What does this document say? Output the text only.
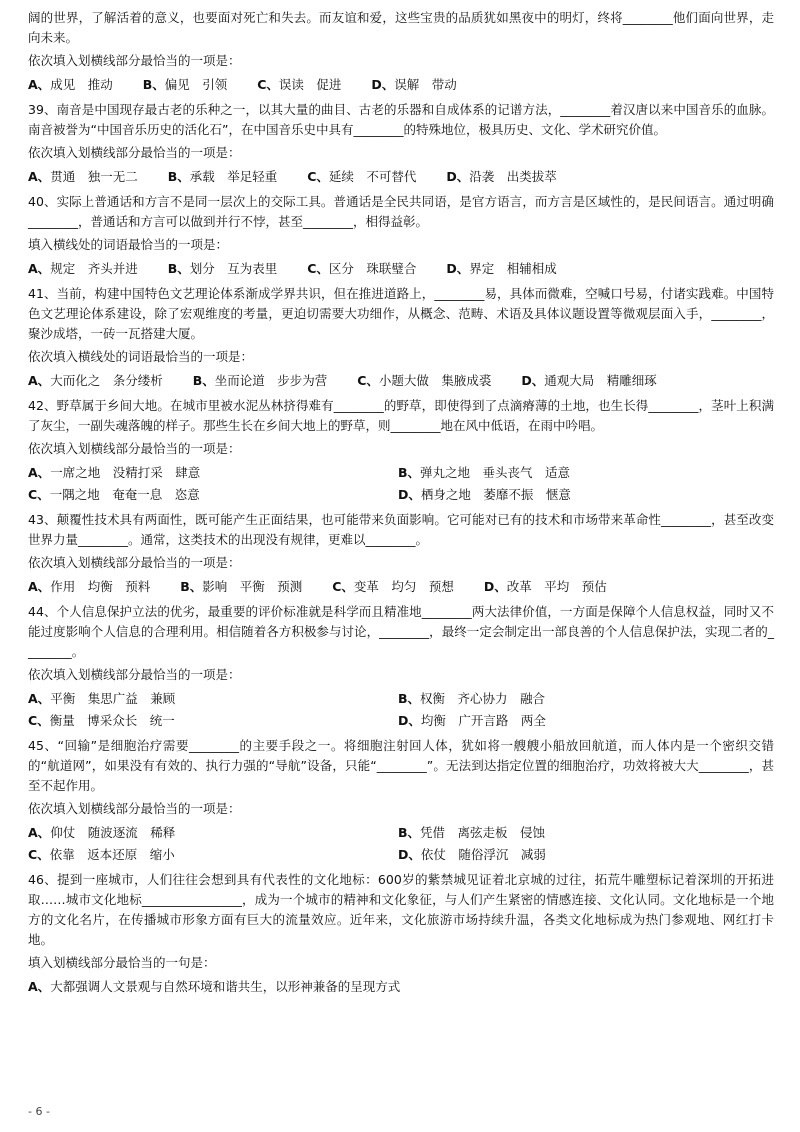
阔的世界，了解活着的意义，也要面对死亡和失去。而友谊和爱，这些宝贵的品质犹如黑夜中的明灯，终将________他们面向世界，走向未来。

依次填入划横线部分最恰当的一项是：

A、成见　推动 B、偏见　引领 C、误读　促进 D、误解　带动

39、南音是中国现存最古老的乐种之一，以其大量的曲目、古老的乐器和自成体系的记谱方法，________着汉唐以来中国音乐的血脉。南音被誉为“中国音乐历史的活化石”，在中国音乐史中具有________的特殊地位，极具历史、文化、学术研究价值。

依次填入划横线部分最恰当的一项是：

A、贯通　独一无二 B、承载　举足轻重 C、延续　不可替代 D、沿袭　出类拔萃

40、实际上普通话和方言不是同一层次上的交际工具。普通话是全民共同语，是官方语言，而方言是区域性的，是民间语言。通过明确________，普通话和方言可以做到并行不悖，甚至________，相得益彰。

填入横线处的词语最恰当的一项是：

A、规定　齐头并进 B、划分　互为表里 C、区分　珠联璧合 D、界定　相辅相成

41、当前，构建中国特色文艺理论体系渐成学界共识，但在推进道路上，________易，具体而微难，空喊口号易，付诸实践难。中国特色文艺理论体系建设，除了宏观维度的考量，更迫切需要大功细作，从概念、范畴、术语及具体议题设置等微观层面入手，________，聚沙成塔，一砖一瓦搭建大厦。

依次填入横线处的词语最恰当的一项是：

A、大而化之　条分缕析 B、坐而论道　步步为营 C、小题大做　集腋成裘 D、通观大局　精雕细琢

42、野草属于乡间大地。在城市里被水泥丛林挤得难有________的野草，即使得到了点滴瘠薄的土地，也生长得________，茎叶上积满了灰尘，一副失魂落魄的样子。那些生长在乡间大地上的野草，则________地在风中低语，在雨中吟唱。

依次填入划横线部分最恰当的一项是：

A、一席之地　没精打采　肆意	B、弹丸之地　垂头丧气　适意
C、一隅之地　奄奄一息　恣意	D、栖身之地　萎靡不振　惬意

43、颠覆性技术具有两面性，既可能产生正面结果，也可能带来负面影响。它可能对已有的技术和市场带来革命性________，甚至改变世界力量________。通常，这类技术的出现没有规律，更难以________。

依次填入划横线部分最恰当的一项是：

A、作用　均衡　预料 B、影响　平衡　预测 C、变革　均匀　预想 D、改革　平均　预估

44、个人信息保护立法的优劣，最重要的评价标准就是科学而且精准地________两大法律价值，一方面是保障个人信息权益，同时又不能过度影响个人信息的合理利用。相信随着各方积极参与讨论，________，最终一定会制定出一部良善的个人信息保护法，实现二者的________。

依次填入划横线部分最恰当的一项是：

A、平衡　集思广益　兼顾	B、权衡　齐心协力　融合
C、衡量　博采众长　统一	D、均衡　广开言路　两全

45、“回输”是细胞治疗需要________的主要手段之一。将细胞注射回人体，犹如将一艘艘小船放回航道，而人体内是一个密织交错的“航道网”，如果没有有效的、执行力强的“导航”设备，只能“________”。无法到达指定位置的细胞治疗，功效将被大大________，甚至不起作用。

依次填入划横线部分最恰当的一项是：

A、仰仗　随波逐流　稀释	B、凭借　离弦走板　侵蚀
C、依靠　返本还原　缩小	D、依仗　随俗浮沉　减弱

46、提到一座城市，人们往往会想到具有代表性的文化地标：600岁的紫禁城见证着北京城的过往，拓荒牛雕塑标记着深圳的开拓进取……城市文化地标________________，成为一个城市的精神和文化象征，与人们产生紧密的情感连接、文化认同。文化地标是一个地方的文化名片，在传播城市形象方面有巨大的流量效应。近年来，文化旅游市场持续升温，各类文化地标成为热门参观地、网红打卡地。

填入划横线部分最恰当的一句是：

A、大都强调人文景观与自然环境和谐共生，以形神兼备的呈现方式
- 6 -
